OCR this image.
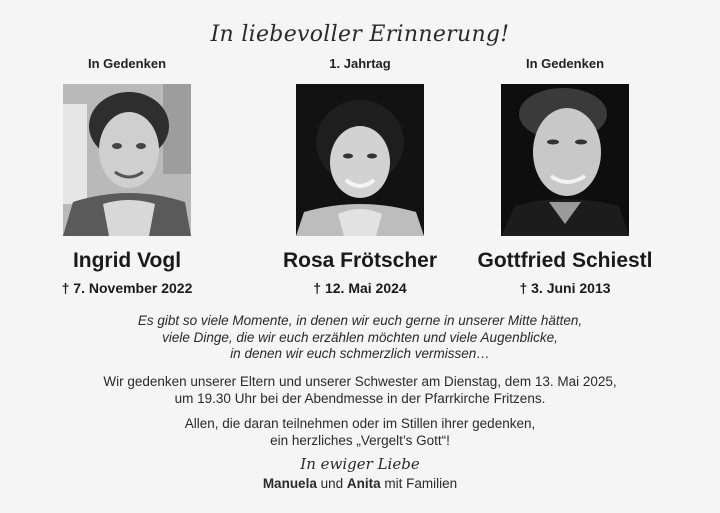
In liebevoller Erinnerung!
In Gedenken
Ingrid Vogl
† 7. November 2022
1. Jahrtag
Rosa Frötscher
† 12. Mai 2024
In Gedenken
Gottfried Schiestl
† 3. Juni 2013
Es gibt so viele Momente, in denen wir euch gerne in unserer Mitte hätten,
viele Dinge, die wir euch erzählen möchten und viele Augenblicke,
in denen wir euch schmerzlich vermissen…
Wir gedenken unserer Eltern und unserer Schwester am Dienstag, dem 13. Mai 2025,
um 19.30 Uhr bei der Abendmesse in der Pfarrkirche Fritzens.
Allen, die daran teilnehmen oder im Stillen ihrer gedenken,
ein herzliches „Vergelt’s Gott“!
In ewiger Liebe
Manuela und Anita mit Familien
